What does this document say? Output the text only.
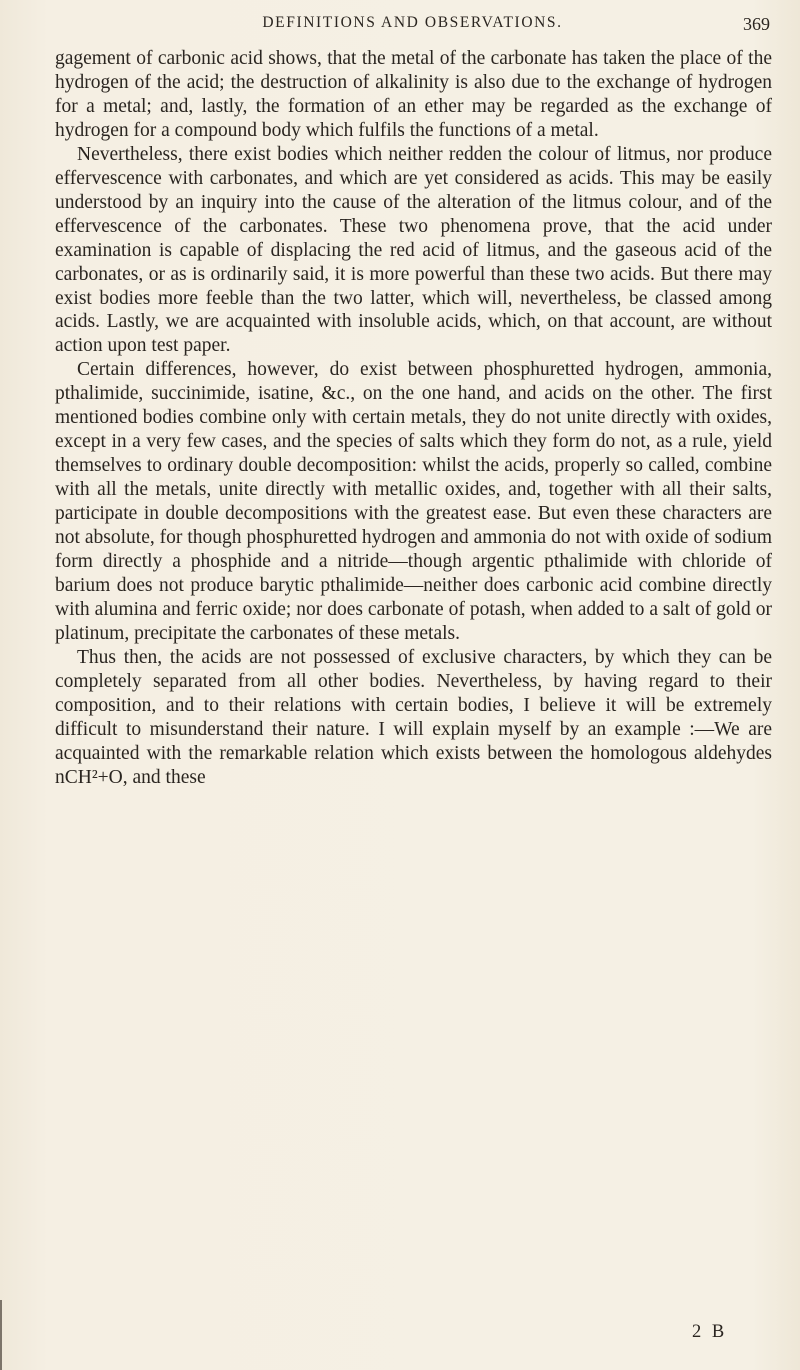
DEFINITIONS AND OBSERVATIONS.	369

gagement of carbonic acid shows, that the metal of the carbonate has taken the place of the hydrogen of the acid; the destruction of alkalinity is also due to the exchange of hydrogen for a metal; and, lastly, the formation of an ether may be regarded as the exchange of hydrogen for a compound body which fulfils the functions of a metal.

Nevertheless, there exist bodies which neither redden the colour of litmus, nor produce effervescence with carbonates, and which are yet considered as acids. This may be easily understood by an inquiry into the cause of the alteration of the litmus colour, and of the effervescence of the carbonates. These two phenomena prove, that the acid under examination is capable of displacing the red acid of litmus, and the gaseous acid of the carbonates, or as is ordinarily said, it is more powerful than these two acids. But there may exist bodies more feeble than the two latter, which will, nevertheless, be classed among acids. Lastly, we are acquainted with insoluble acids, which, on that account, are without action upon test paper.

Certain differences, however, do exist between phosphuretted hydrogen, ammonia, pthalimide, succinimide, isatine, &c., on the one hand, and acids on the other. The first mentioned bodies combine only with certain metals, they do not unite directly with oxides, except in a very few cases, and the species of salts which they form do not, as a rule, yield themselves to ordinary double decomposition: whilst the acids, properly so called, combine with all the metals, unite directly with metallic oxides, and, together with all their salts, participate in double decompositions with the greatest ease. But even these characters are not absolute, for though phosphuretted hydrogen and ammonia do not with oxide of sodium form directly a phosphide and a nitride—though argentic pthalimide with chloride of barium does not produce barytic pthalimide—neither does carbonic acid combine directly with alumina and ferric oxide; nor does carbonate of potash, when added to a salt of gold or platinum, precipitate the carbonates of these metals.

Thus then, the acids are not possessed of exclusive characters, by which they can be completely separated from all other bodies. Nevertheless, by having regard to their composition, and to their relations with certain bodies, I believe it will be extremely difficult to misunderstand their nature. I will explain myself by an example :—We are acquainted with the remarkable relation which exists between the homologous aldehydes nCH²+O, and these

2 B
